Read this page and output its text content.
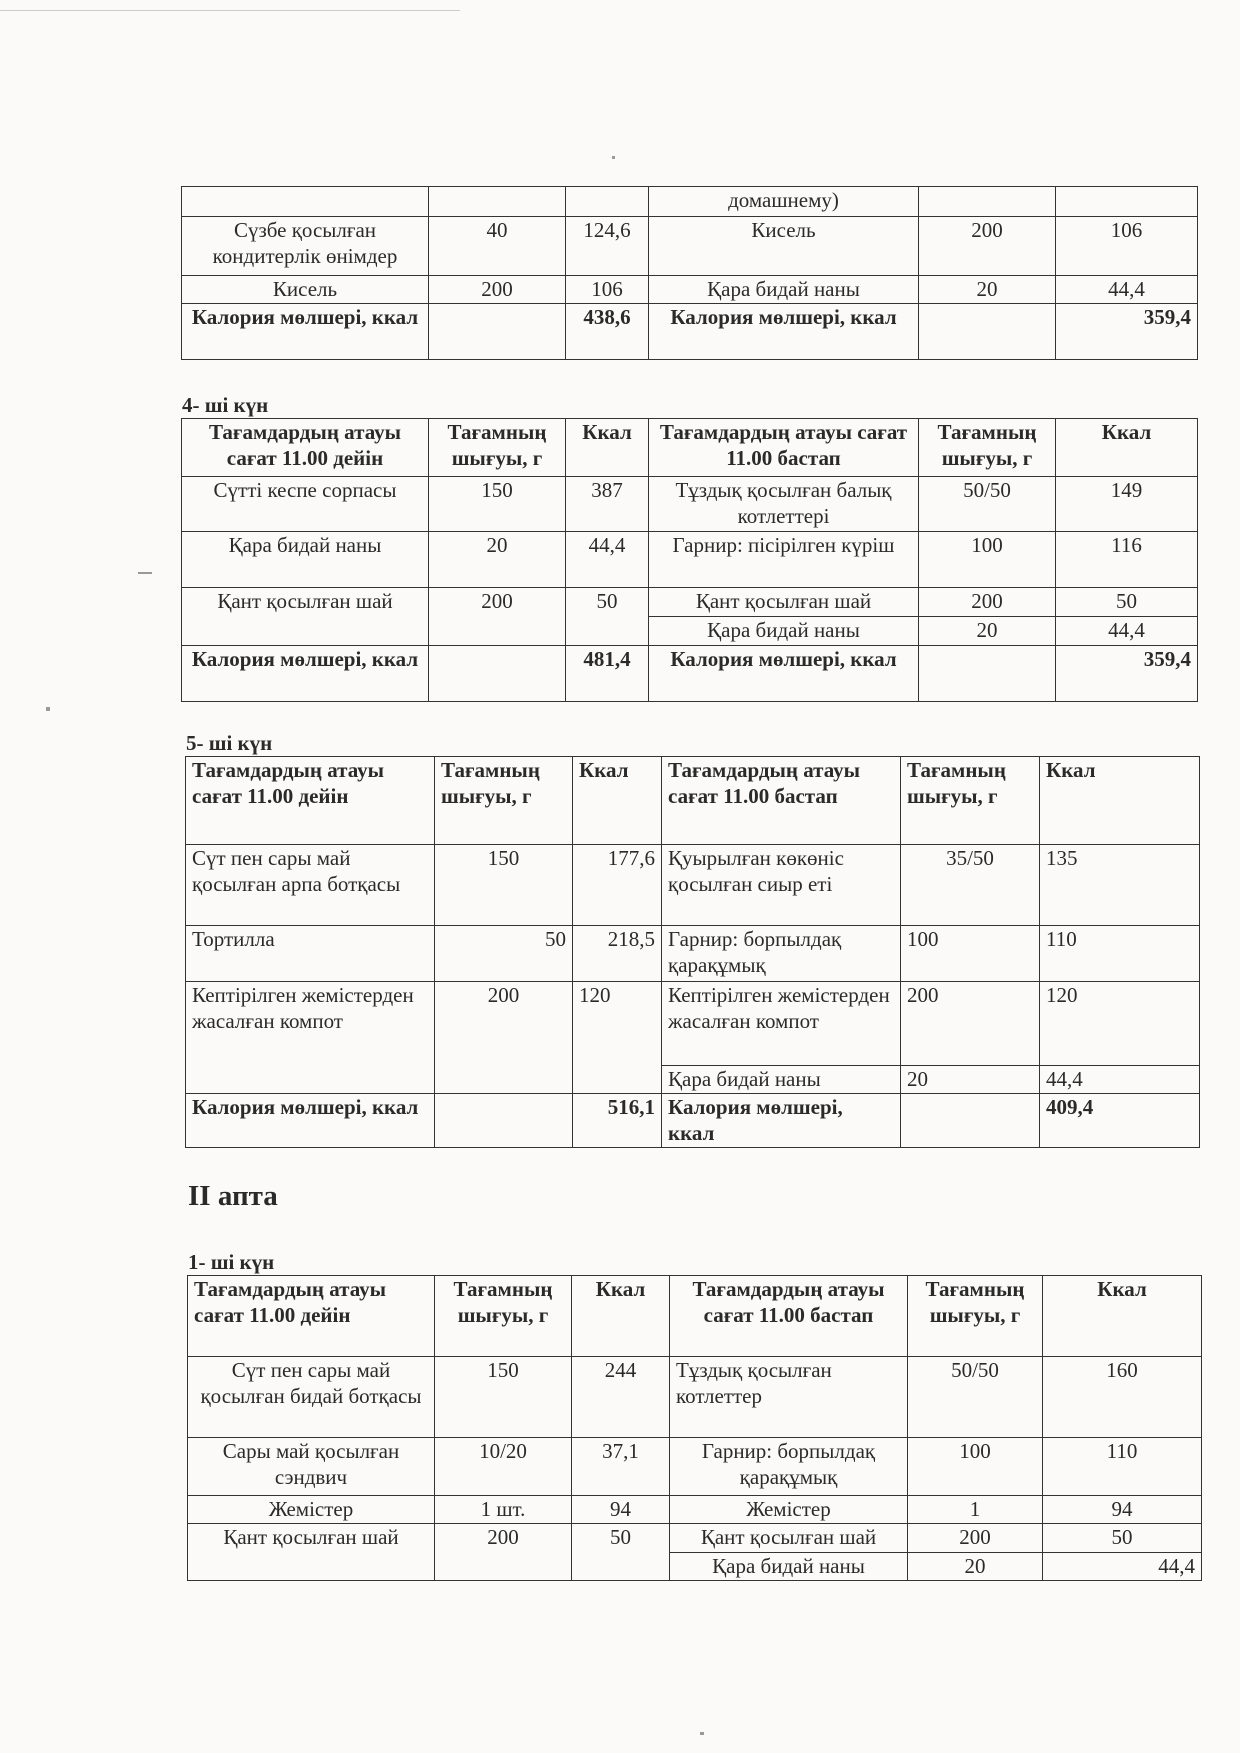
			домашнему)		
Сүзбе қосылған кондитерлік өнімдер	40	124,6	Кисель	200	106
Кисель	200	106	Қара бидай наны	20	44,4
Калория мөлшері, ккал		438,6	Калория мөлшері, ккал		359,4
4- ші күн
Тағамдардың атауы сағат 11.00 дейін	Тағамның шығуы, г	Ккал	Тағамдардың атауы сағат 11.00 бастап	Тағамның шығуы, г	Ккал
Сүтті кеспе сорпасы	150	387	Тұздық қосылған балық котлеттері	50/50	149
Қара бидай наны	20	44,4	Гарнир: пісірілген күріш	100	116
Қант қосылған шай	200	50	Қант қосылған шай	200	50
			Қара бидай наны	20	44,4
Калория мөлшері, ккал		481,4	Калория мөлшері, ккал		359,4
5- ші күн
Тағамдардың атауы сағат 11.00 дейін	Тағамның шығуы, г	Ккал	Тағамдардың атауы сағат 11.00 бастап	Тағамның шығуы, г	Ккал
Сүт пен сары май қосылған арпа ботқасы	150	177,6	Қуырылған көкөніс қосылған сиыр еті	35/50	135
Тортилла	50	218,5	Гарнир: борпылдақ қарақұмық	100	110
Кептірілген жемістерден жасалған компот	200	120	Кептірілген жемістерден жасалған компот	200	120
			Қара бидай наны	20	44,4
Калория мөлшері, ккал		516,1	Калория мөлшері, ккал		409,4
II апта
1- ші күн
Тағамдардың атауы сағат 11.00 дейін	Тағамның шығуы, г	Ккал	Тағамдардың атауы сағат 11.00 бастап	Тағамның шығуы, г	Ккал
Сүт пен сары май қосылған бидай ботқасы	150	244	Тұздық қосылған котлеттер	50/50	160
Сары май қосылған сэндвич	10/20	37,1	Гарнир: борпылдақ қарақұмық	100	110
Жемістер	1 шт.	94	Жемістер	1	94
Қант қосылған шай	200	50	Қант қосылған шай	200	50
			Қара бидай наны	20	44,4
